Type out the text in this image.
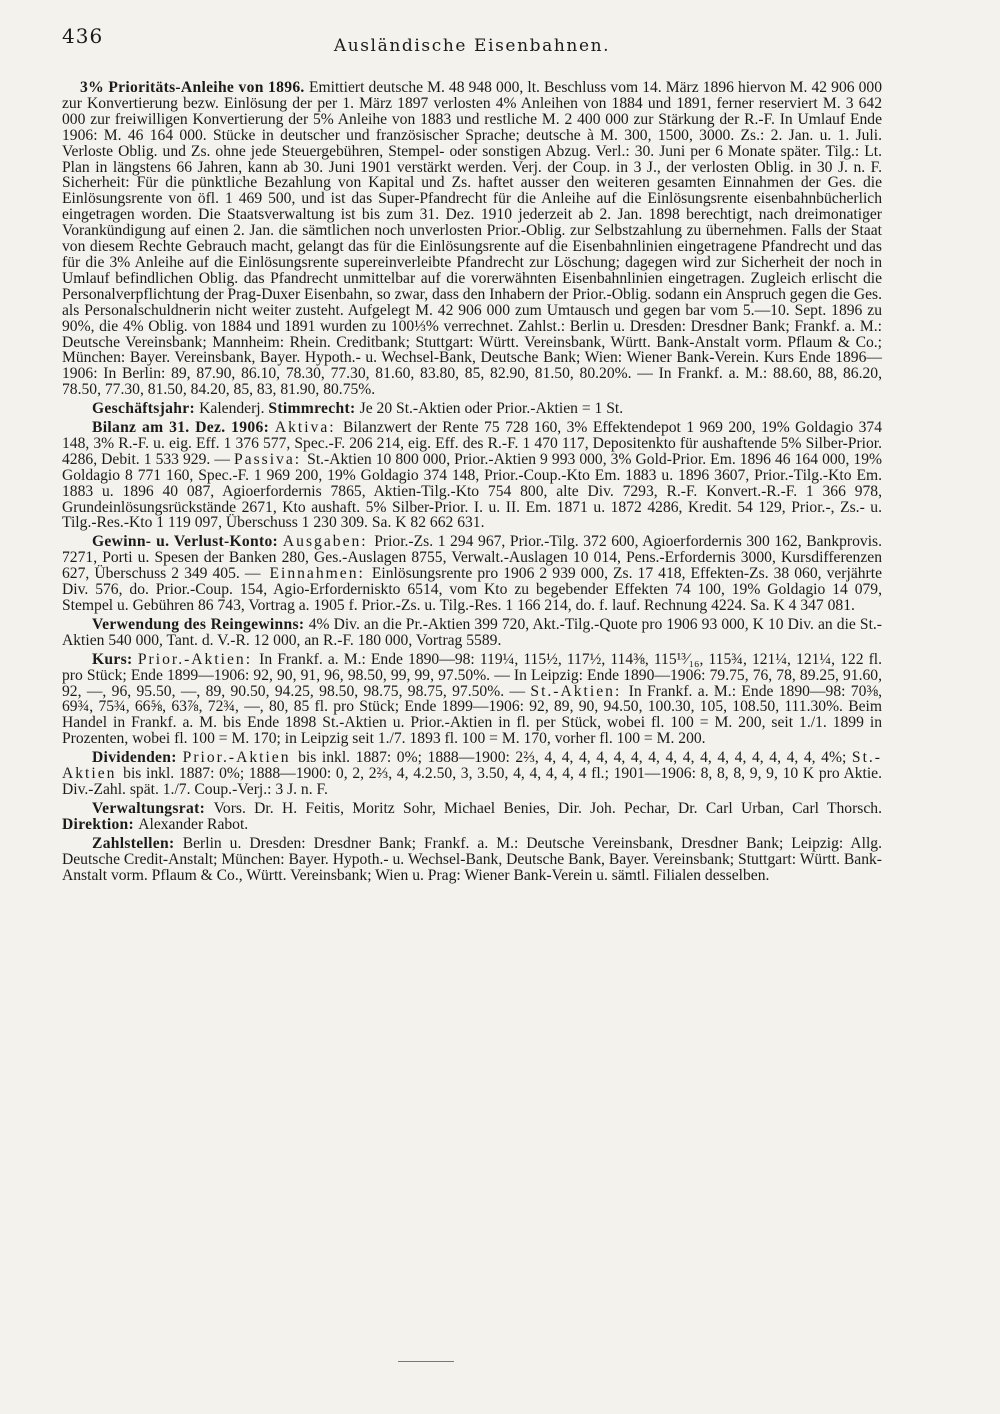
436	Ausländische Eisenbahnen.

3% Prioritäts-Anleihe von 1896. Emittiert deutsche M. 48 948 000, lt. Beschluss vom 14. März 1896 hiervon M. 42 906 000 zur Konvertierung bezw. Einlösung der per 1. März 1897 verlosten 4% Anleihen von 1884 und 1891, ferner reserviert M. 3 642 000 zur freiwilligen Konvertierung der 5% Anleihe von 1883 und restliche M. 2 400 000 zur Stärkung der R.-F. In Umlauf Ende 1906: M. 46 164 000. Stücke in deutscher und französischer Sprache; deutsche à M. 300, 1500, 3000. Zs.: 2. Jan. u. 1. Juli. Verloste Oblig. und Zs. ohne jede Steuergebühren, Stempel- oder sonstigen Abzug. Verl.: 30. Juni per 6 Monate später. Tilg.: Lt. Plan in längstens 66 Jahren, kann ab 30. Juni 1901 verstärkt werden. Verj. der Coup. in 3 J., der verlosten Oblig. in 30 J. n. F. Sicherheit: Für die pünktliche Bezahlung von Kapital und Zs. haftet ausser den weiteren gesamten Einnahmen der Ges. die Einlösungsrente von öfl. 1 469 500, und ist das Super-Pfandrecht für die Anleihe auf die Einlösungsrente eisenbahnbücherlich eingetragen worden. Die Staatsverwaltung ist bis zum 31. Dez. 1910 jederzeit ab 2. Jan. 1898 berechtigt, nach dreimonatiger Vorankündigung auf einen 2. Jan. die sämtlichen noch unverlosten Prior.-Oblig. zur Selbstzahlung zu übernehmen. Falls der Staat von diesem Rechte Gebrauch macht, gelangt das für die Einlösungsrente auf die Eisenbahnlinien eingetragene Pfandrecht und das für die 3% Anleihe auf die Einlösungsrente supereinverleibte Pfandrecht zur Löschung; dagegen wird zur Sicherheit der noch in Umlauf befindlichen Oblig. das Pfandrecht unmittelbar auf die vorerwähnten Eisenbahnlinien eingetragen. Zugleich erlischt die Personalverpflichtung der Prag-Duxer Eisenbahn, so zwar, dass den Inhabern der Prior.-Oblig. sodann ein Anspruch gegen die Ges. als Personalschuldnerin nicht weiter zusteht. Aufgelegt M. 42 906 000 zum Umtausch und gegen bar vom 5.—10. Sept. 1896 zu 90%, die 4% Oblig. von 1884 und 1891 wurden zu 100⅓% verrechnet. Zahlst.: Berlin u. Dresden: Dresdner Bank; Frankf. a. M.: Deutsche Vereinsbank; Mannheim: Rhein. Creditbank; Stuttgart: Württ. Vereinsbank, Württ. Bank-Anstalt vorm. Pflaum & Co.; München: Bayer. Vereinsbank, Bayer. Hypoth.- u. Wechsel-Bank, Deutsche Bank; Wien: Wiener Bank-Verein. Kurs Ende 1896—1906: In Berlin: 89, 87.90, 86.10, 78.30, 77.30, 81.60, 83.80, 85, 82.90, 81.50, 80.20%. — In Frankf. a. M.: 88.60, 88, 86.20, 78.50, 77.30, 81.50, 84.20, 85, 83, 81.90, 80.75%.

Geschäftsjahr: Kalenderj. Stimmrecht: Je 20 St.-Aktien oder Prior.-Aktien = 1 St.

Bilanz am 31. Dez. 1906: Aktiva: Bilanzwert der Rente 75 728 160, 3% Effektendepot 1 969 200, 19% Goldagio 374 148, 3% R.-F. u. eig. Eff. 1 376 577, Spec.-F. 206 214, eig. Eff. des R.-F. 1 470 117, Depositenkto für aushaftende 5% Silber-Prior. 4286, Debit. 1 533 929. — Passiva: St.-Aktien 10 800 000, Prior.-Aktien 9 993 000, 3% Gold-Prior. Em. 1896 46 164 000, 19% Goldagio 8 771 160, Spec.-F. 1 969 200, 19% Goldagio 374 148, Prior.-Coup.-Kto Em. 1883 u. 1896 3607, Prior.-Tilg.-Kto Em. 1883 u. 1896 40 087, Agioerfordernis 7865, Aktien-Tilg.-Kto 754 800, alte Div. 7293, R.-F. Konvert.-R.-F. 1 366 978, Grundeinlösungsrückstände 2671, Kto aushaft. 5% Silber-Prior. I. u. II. Em. 1871 u. 1872 4286, Kredit. 54 129, Prior.-, Zs.- u. Tilg.-Res.-Kto 1 119 097, Überschuss 1 230 309. Sa. K 82 662 631.

Gewinn- u. Verlust-Konto: Ausgaben: Prior.-Zs. 1 294 967, Prior.-Tilg. 372 600, Agioerfordernis 300 162, Bankprovis. 7271, Porti u. Spesen der Banken 280, Ges.-Auslagen 8755, Verwalt.-Auslagen 10 014, Pens.-Erfordernis 3000, Kursdifferenzen 627, Überschuss 2 349 405. — Einnahmen: Einlösungsrente pro 1906 2 939 000, Zs. 17 418, Effekten-Zs. 38 060, verjährte Div. 576, do. Prior.-Coup. 154, Agio-Erforderniskto 6514, vom Kto zu begebender Effekten 74 100, 19% Goldagio 14 079, Stempel u. Gebühren 86 743, Vortrag a. 1905 f. Prior.-Zs. u. Tilg.-Res. 1 166 214, do. f. lauf. Rechnung 4224. Sa. K 4 347 081.

Verwendung des Reingewinns: 4% Div. an die Pr.-Aktien 399 720, Akt.-Tilg.-Quote pro 1906 93 000, K 10 Div. an die St.-Aktien 540 000, Tant. d. V.-R. 12 000, an R.-F. 180 000, Vortrag 5589.

Kurs: Prior.-Aktien: In Frankf. a. M.: Ende 1890—98: 119¼, 115½, 117½, 114⅜, 115¹³⁄₁₆, 115¾, 121¼, 121¼, 122 fl. pro Stück; Ende 1899—1906: 92, 90, 91, 96, 98.50, 99, 99, 97.50%. — In Leipzig: Ende 1890—1906: 79.75, 76, 78, 89.25, 91.60, 92, —, 96, 95.50, —, 89, 90.50, 94.25, 98.50, 98.75, 98.75, 97.50%. — St.-Aktien: In Frankf. a. M.: Ende 1890—98: 70⅜, 69¾, 75¾, 66⅝, 63⅞, 72¾, —, 80, 85 fl. pro Stück; Ende 1899—1906: 92, 89, 90, 94.50, 100.30, 105, 108.50, 111.30%. Beim Handel in Frankf. a. M. bis Ende 1898 St.-Aktien u. Prior.-Aktien in fl. per Stück, wobei fl. 100 = M. 200, seit 1./1. 1899 in Prozenten, wobei fl. 100 = M. 170; in Leipzig seit 1./7. 1893 fl. 100 = M. 170, vorher fl. 100 = M. 200.

Dividenden: Prior.-Aktien bis inkl. 1887: 0%; 1888—1900: 2⅔, 4, 4, 4, 4, 4, 4, 4, 4, 4, 4, 4, 4, 4, 4, 4, 4, 4%; St.-Aktien bis inkl. 1887: 0%; 1888—1900: 0, 2, 2⅔, 4, 4.2.50, 3, 3.50, 4, 4, 4, 4, 4 fl.; 1901—1906: 8, 8, 8, 9, 9, 10 K pro Aktie. Div.-Zahl. spät. 1./7. Coup.-Verj.: 3 J. n. F.

Verwaltungsrat: Vors. Dr. H. Feitis, Moritz Sohr, Michael Benies, Dir. Joh. Pechar, Dr. Carl Urban, Carl Thorsch. Direktion: Alexander Rabot.

Zahlstellen: Berlin u. Dresden: Dresdner Bank; Frankf. a. M.: Deutsche Vereinsbank, Dresdner Bank; Leipzig: Allg. Deutsche Credit-Anstalt; München: Bayer. Hypoth.- u. Wechsel-Bank, Deutsche Bank, Bayer. Vereinsbank; Stuttgart: Württ. Bank-Anstalt vorm. Pflaum & Co., Württ. Vereinsbank; Wien u. Prag: Wiener Bank-Verein u. sämtl. Filialen desselben.
